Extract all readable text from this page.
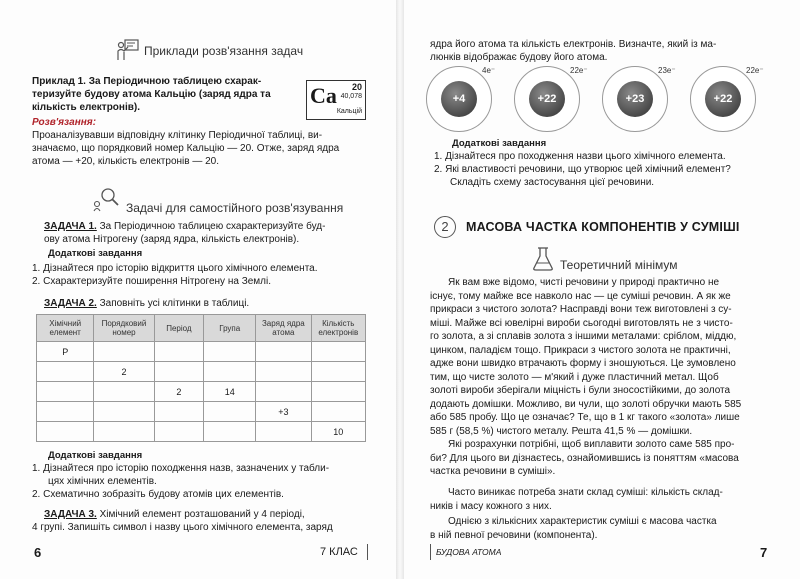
Приклади розв'язання задач
Приклад 1. За Періодичною таблицею схарак-
теризуйте будову атома Кальцію (заряд ядра та
кількість електронів).
20
Ca 40,078
Кальцій
Розв'язання:
Проаналізувавши відповідну клітинку Періодичної таблиці, ви-
значаємо, що порядковий номер Кальцію — 20. Отже, заряд ядра
атома — +20, кількість електронів — 20.
Задачі для самостійного розв'язування
ЗАДАЧА 1. За Періодичною таблицею схарактеризуйте буд-
ову атома Нітрогену (заряд ядра, кількість електронів).
Додаткові завдання
1. Дізнайтеся про історію відкриття цього хімічного елемента.
2. Схарактеризуйте поширення Нітрогену на Землі.
ЗАДАЧА 2. Заповніть усі клітинки в таблиці.
Хімічний елемент	Порядковий номер	Період	Група	Заряд ядра атома	Кількість електронів
P					
	2				
		2	14		
				+3	
					10
Додаткові завдання
1. Дізнайтеся про історію походження назв, зазначених у табли-
цях хімічних елементів.
2. Схематично зобразіть будову атомів цих елементів.
ЗАДАЧА 3. Хімічний елемент розташований у 4 періоді,
4 групі. Запишіть символ і назву цього хімічного елемента, заряд
6	7 КЛАС
ядра його атома та кількість електронів. Визначте, який із ма-
люнків відображає будову його атома.
+4
4e⁻
+22
22e⁻
+23
23e⁻
+22
22e⁻
Додаткові завдання
1. Дізнайтеся про походження назви цього хімічного елемента.
2. Які властивості речовини, що утворює цей хімічний елемент?
Складіть схему застосування цієї речовини.
2	МАСОВА ЧАСТКА КОМПОНЕНТІВ У СУМІШІ
Теоретичний мінімум
Як вам вже відомо, чисті речовини у природі практично не
існує, тому майже все навколо нас — це суміші речовин. А як же
прикраси з чистого золота? Насправді вони теж виготовлені з су-
міші. Майже всі ювелірні вироби сьогодні виготовлять не з чисто-
го золота, а зі сплавів золота з іншими металами: сріблом, міддю,
цинком, паладієм тощо. Прикраси з чистого золота не практичні,
адже вони швидко втрачають форму і зношуються. Це зумовлено
тим, що чисте золото — м'який і дуже пластичний метал. Щоб
золоті вироби зберігали міцність і були зносостійкими, до золота
додають домішки. Можливо, ви чули, що золоті обручки мають 585
або 585 пробу. Що це означає? Те, що в 1 кг такого «золота» лише
585 г (58,5 %) чистого металу. Решта 41,5 % — домішки.
Які розрахунки потрібні, щоб виплавити золото саме 585 про-
би? Для цього ви дізнаєтесь, ознайомившись із поняттям «масова
частка речовини в суміші».
Часто виникає потреба знати склад суміші: кількість склад-
ників і масу кожного з них.
Однією з кількісних характеристик суміші є масова частка
в ній певної речовини (компонента).
БУДОВА АТОМА	7
